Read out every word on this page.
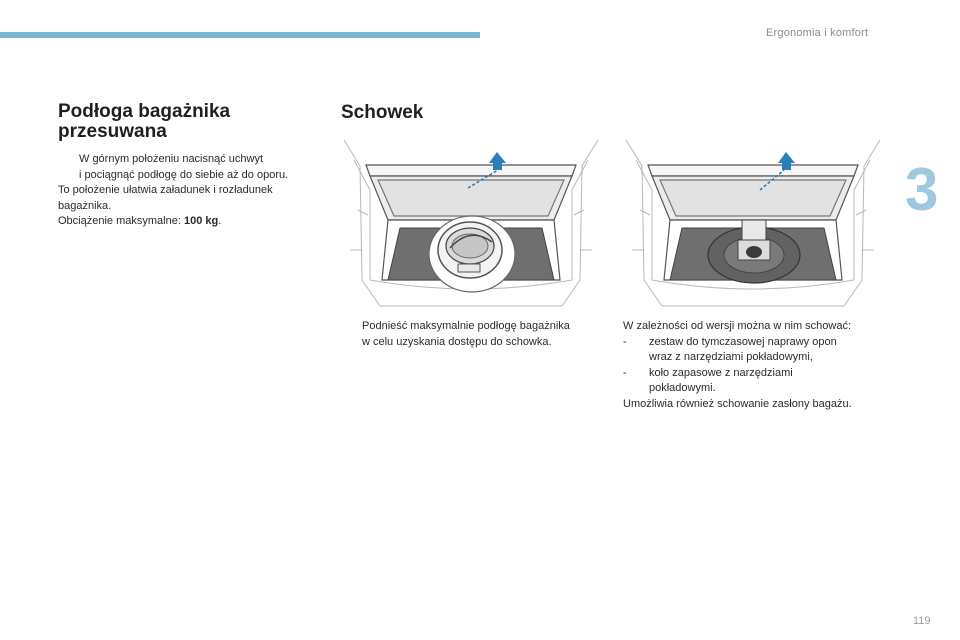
Ergonomia i komfort
3
119
Podłoga bagażnika
przesuwana
W górnym położeniu nacisnąć uchwyt
i pociągnąć podłogę do siebie aż do oporu.
To położenie ułatwia załadunek i rozładunek
bagażnika.
Obciążenie maksymalne: 100 kg.
Schowek
Podnieść maksymalnie podłogę bagażnika
w celu uzyskania dostępu do schowka.
W zależności od wersji można w nim schować:
- zestaw do tymczasowej naprawy opon
wraz z narzędziami pokładowymi,
- koło zapasowe z narzędziami
pokładowymi.
Umożliwia również schowanie zasłony bagażu.
